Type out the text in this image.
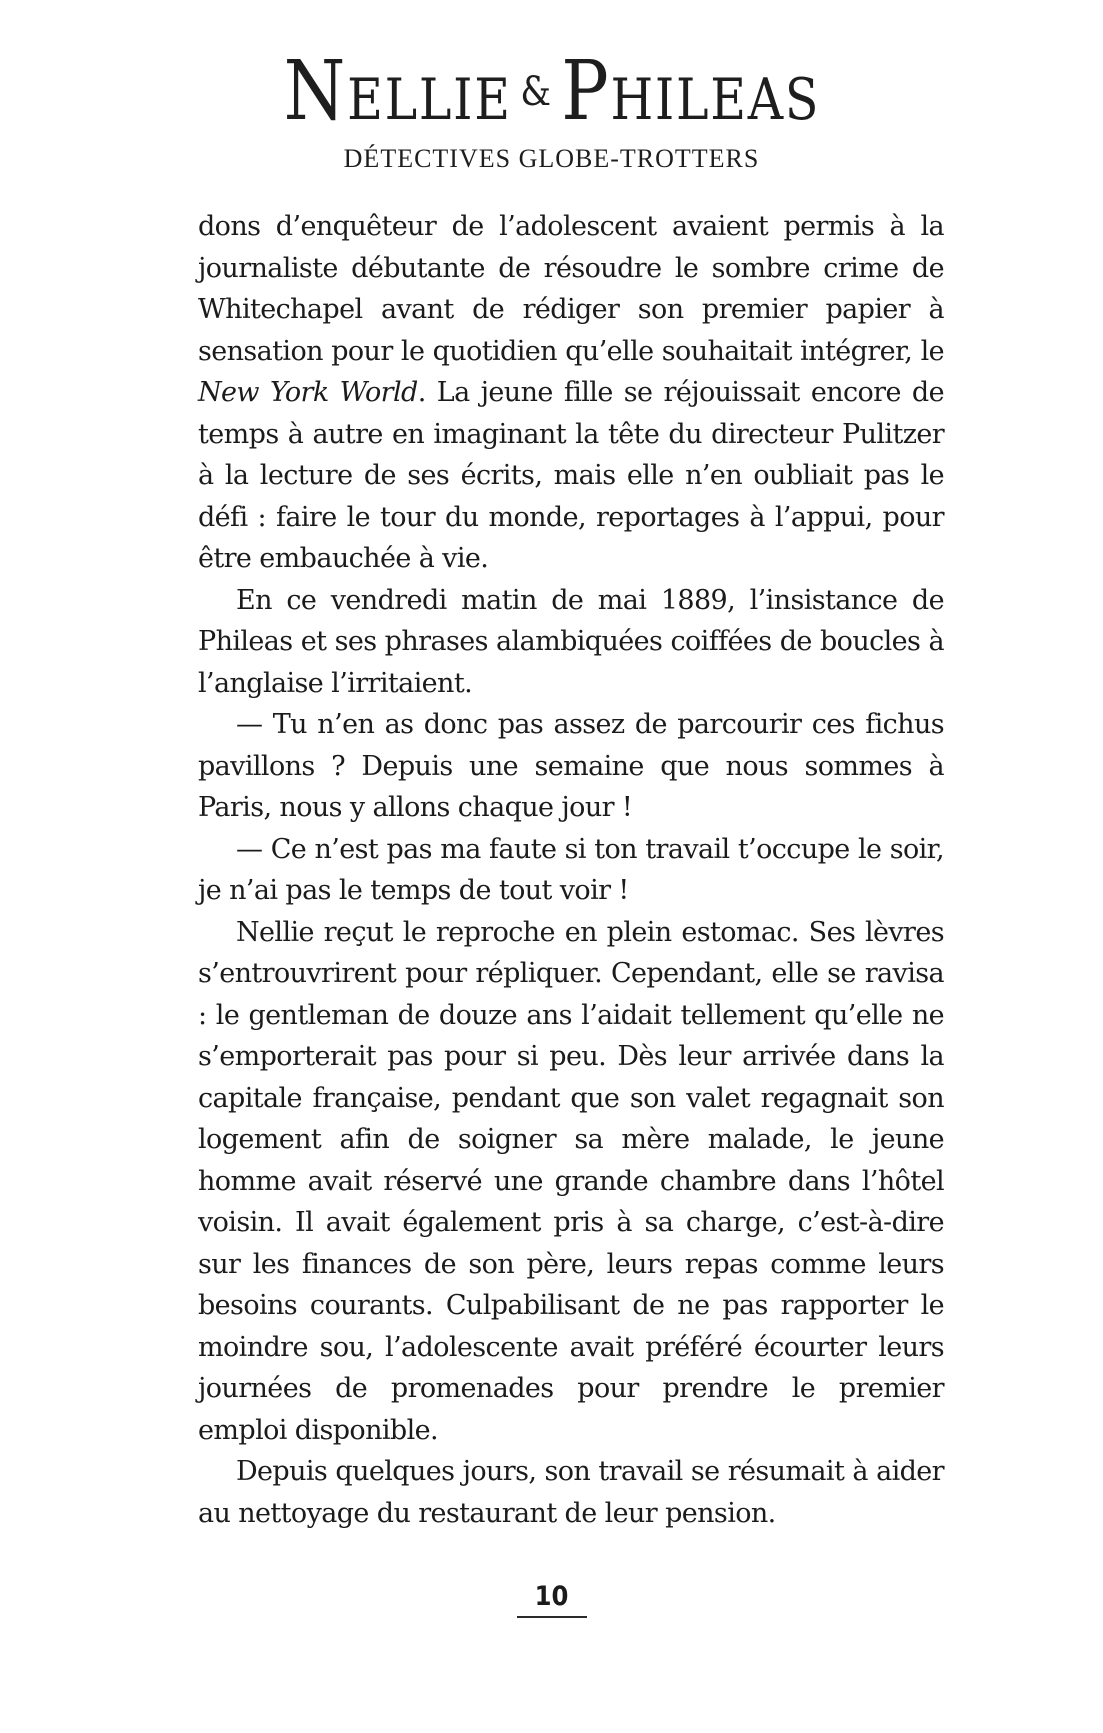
Nellie & Phileas
DÉTECTIVES GLOBE-TROTTERS

dons d’enquêteur de l’adolescent avaient permis à la journaliste débutante de résoudre le sombre crime de Whitechapel avant de rédiger son premier papier à sensation pour le quotidien qu’elle souhaitait intégrer, le New York World. La jeune fille se réjouissait encore de temps à autre en imaginant la tête du directeur Pulitzer à la lecture de ses écrits, mais elle n’en oubliait pas le défi : faire le tour du monde, reportages à l’appui, pour être embauchée à vie.

En ce vendredi matin de mai 1889, l’insistance de Phileas et ses phrases alambiquées coiffées de boucles à l’anglaise l’irritaient.

— Tu n’en as donc pas assez de parcourir ces fichus pavillons ? Depuis une semaine que nous sommes à Paris, nous y allons chaque jour !

— Ce n’est pas ma faute si ton travail t’occupe le soir, je n’ai pas le temps de tout voir !

Nellie reçut le reproche en plein estomac. Ses lèvres s’entrouvrirent pour répliquer. Cependant, elle se ravisa : le gentleman de douze ans l’aidait tellement qu’elle ne s’emporterait pas pour si peu. Dès leur arrivée dans la capitale française, pendant que son valet regagnait son logement afin de soigner sa mère malade, le jeune homme avait réservé une grande chambre dans l’hôtel voisin. Il avait également pris à sa charge, c’est-à-dire sur les finances de son père, leurs repas comme leurs besoins courants. Culpabilisant de ne pas rapporter le moindre sou, l’adolescente avait préféré écourter leurs journées de promenades pour prendre le premier emploi disponible.

Depuis quelques jours, son travail se résumait à aider au nettoyage du restaurant de leur pension.

10
